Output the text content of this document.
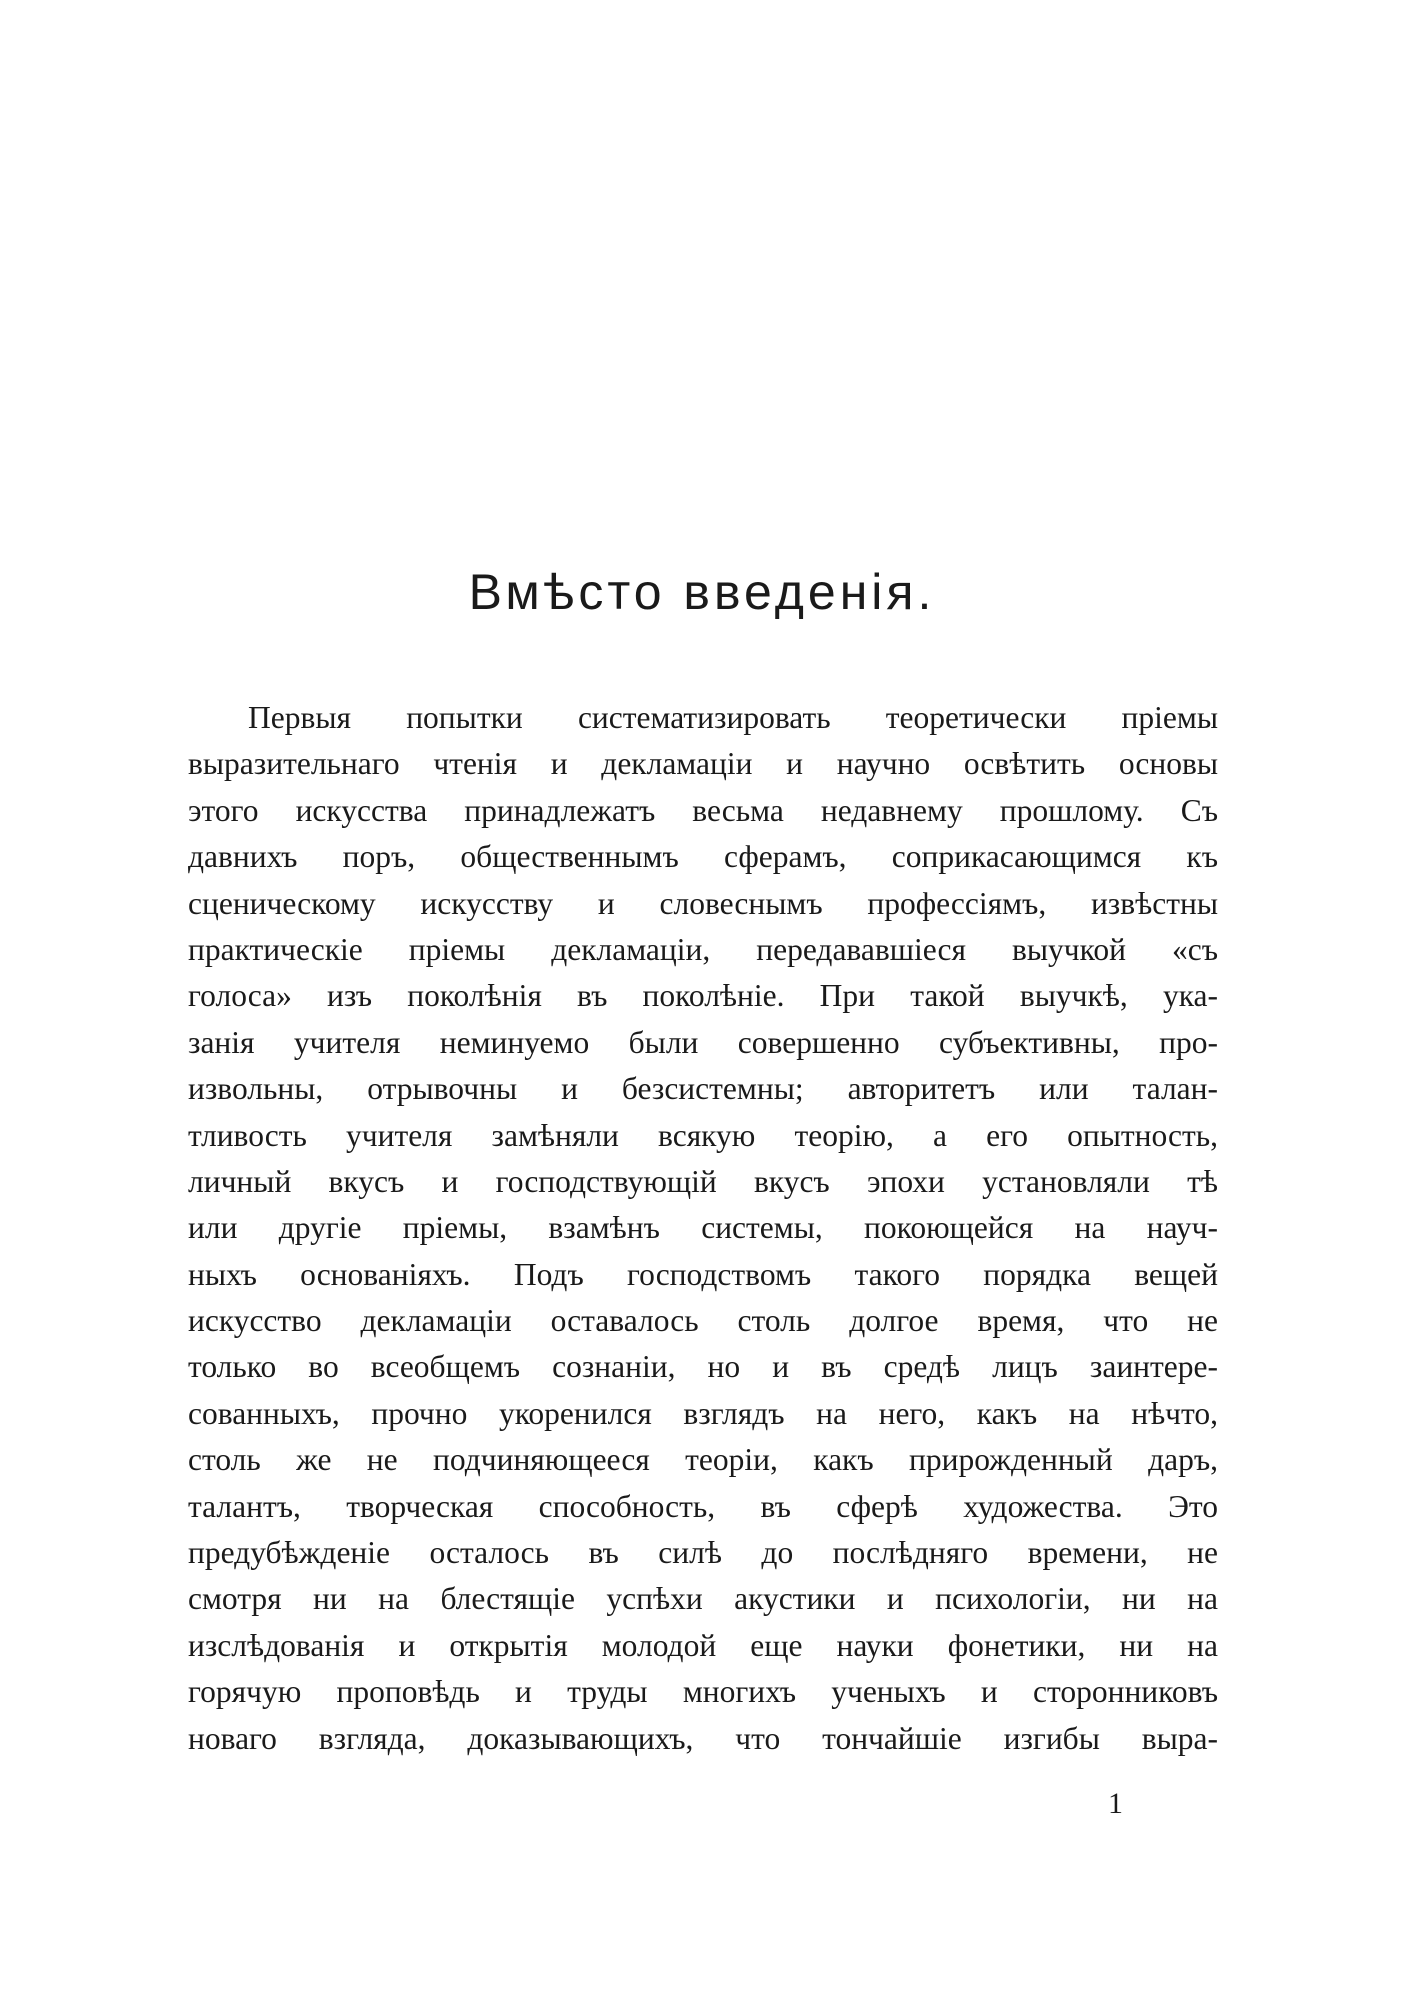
Вмѣсто введенія.
Первыя попытки систематизировать теоретически пріемы
выразительнаго чтенія и декламаціи и научно освѣтить основы
этого искусства принадлежатъ весьма недавнему прошлому. Съ
давнихъ поръ, общественнымъ сферамъ, соприкасающимся къ
сценическому искусству и словеснымъ профессіямъ, извѣстны
практическіе пріемы декламаціи, передававшіеся выучкой «съ
голоса» изъ поколѣнія въ поколѣніе. При такой выучкѣ, ука-
занія учителя неминуемо были совершенно субъективны, про-
извольны, отрывочны и безсистемны; авторитетъ или талан-
тливость учителя замѣняли всякую теорію, а его опытность,
личный вкусъ и господствующій вкусъ эпохи установляли тѣ
или другіе пріемы, взамѣнъ системы, покоющейся на науч-
ныхъ основаніяхъ. Подъ господствомъ такого порядка вещей
искусство декламаціи оставалось столь долгое время, что не
только во всеобщемъ сознаніи, но и въ средѣ лицъ заинтере-
сованныхъ, прочно укоренился взглядъ на него, какъ на нѣчто,
столь же не подчиняющееся теоріи, какъ прирожденный даръ,
талантъ, творческая способность, въ сферѣ художества. Это
предубѣжденіе осталось въ силѣ до послѣдняго времени, не
смотря ни на блестящіе успѣхи акустики и психологіи, ни на
изслѣдованія и открытія молодой еще науки фонетики, ни на
горячую проповѣдь и труды многихъ ученыхъ и сторонниковъ
новаго взгляда, доказывающихъ, что тончайшіе изгибы выра-
1
